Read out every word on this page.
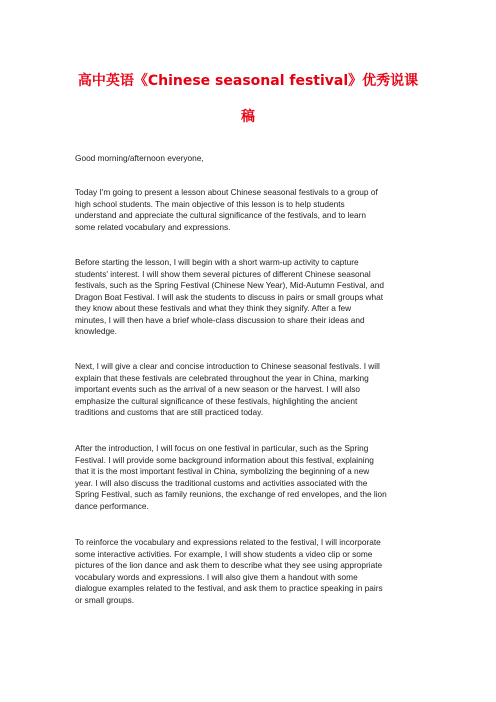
高中英语《Chinese seasonal festival》优秀说课
稿
Good morning/afternoon everyone,
Today I'm going to present a lesson about Chinese seasonal festivals to a group of
high school students. The main objective of this lesson is to help students
understand and appreciate the cultural significance of the festivals, and to learn
some related vocabulary and expressions.
Before starting the lesson, I will begin with a short warm-up activity to capture
students' interest. I will show them several pictures of different Chinese seasonal
festivals, such as the Spring Festival (Chinese New Year), Mid-Autumn Festival, and
Dragon Boat Festival. I will ask the students to discuss in pairs or small groups what
they know about these festivals and what they think they signify. After a few
minutes, I will then have a brief whole-class discussion to share their ideas and
knowledge.
Next, I will give a clear and concise introduction to Chinese seasonal festivals. I will
explain that these festivals are celebrated throughout the year in China, marking
important events such as the arrival of a new season or the harvest. I will also
emphasize the cultural significance of these festivals, highlighting the ancient
traditions and customs that are still practiced today.
After the introduction, I will focus on one festival in particular, such as the Spring
Festival. I will provide some background information about this festival, explaining
that it is the most important festival in China, symbolizing the beginning of a new
year. I will also discuss the traditional customs and activities associated with the
Spring Festival, such as family reunions, the exchange of red envelopes, and the lion
dance performance.
To reinforce the vocabulary and expressions related to the festival, I will incorporate
some interactive activities. For example, I will show students a video clip or some
pictures of the lion dance and ask them to describe what they see using appropriate
vocabulary words and expressions. I will also give them a handout with some
dialogue examples related to the festival, and ask them to practice speaking in pairs
or small groups.
